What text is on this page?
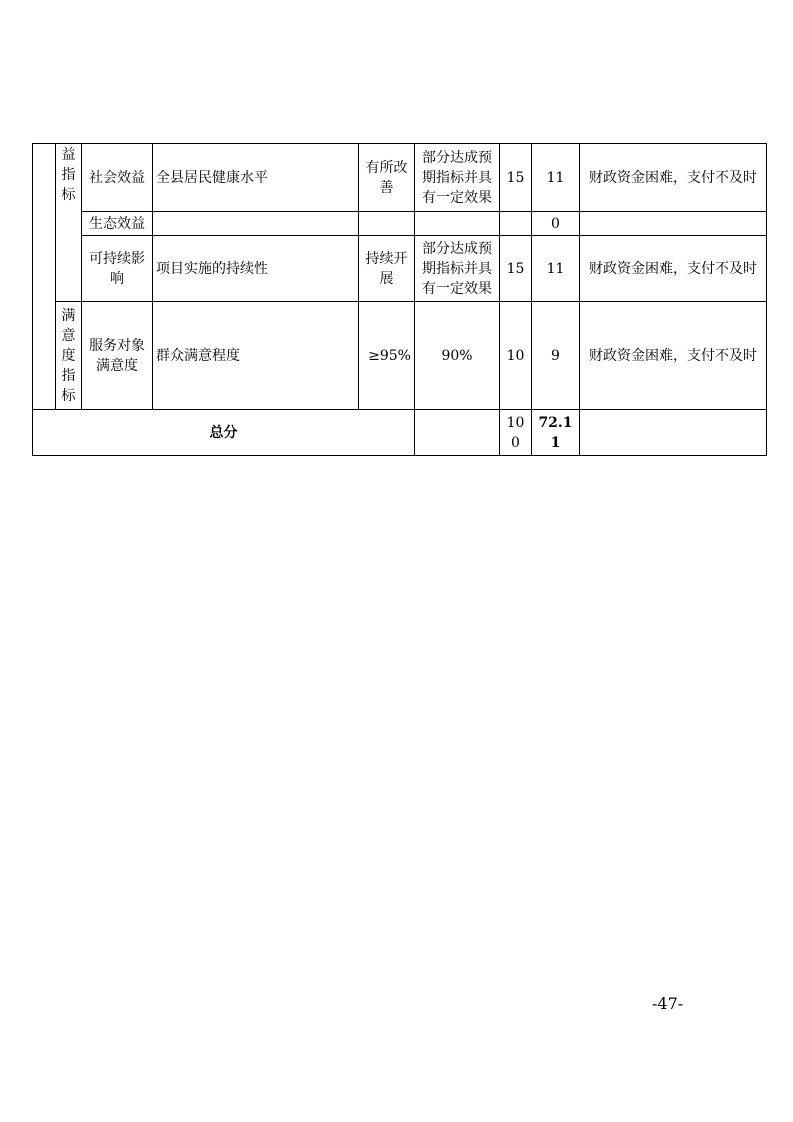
	益
指
标	社会效益	全县居民健康水平	有所改善	部分达成预期指标并具有一定效果	15	11	财政资金困难，支付不及时
		生态效益					0	
		可持续影响	项目实施的持续性	持续开展	部分达成预期指标并具有一定效果	15	11	财政资金困难，支付不及时
	满
意
度
指
标	服务对象满意度	群众满意程度	≥95%	90%	10	9	财政资金困难，支付不及时
总分						100	72.11	
-47-
